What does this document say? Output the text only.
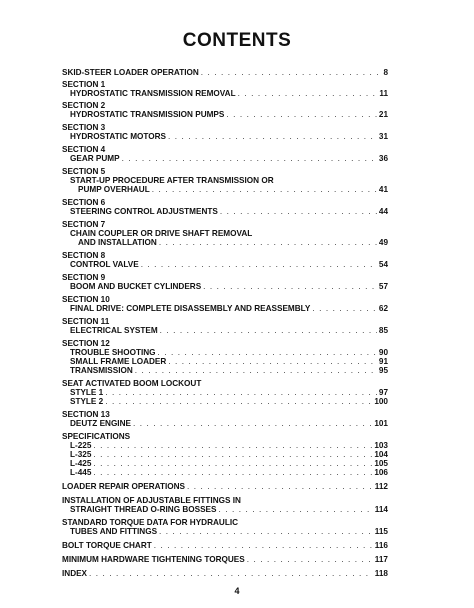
CONTENTS
SKID-STEER LOADER OPERATION . . .	8
SECTION 1
HYDROSTATIC TRANSMISSION REMOVAL . . .	11
SECTION 2
HYDROSTATIC TRANSMISSION PUMPS . . .	21
SECTION 3
HYDROSTATIC MOTORS . . .	31
SECTION 4
GEAR PUMP . . .	36
SECTION 5
START-UP PROCEDURE AFTER TRANSMISSION OR
PUMP OVERHAUL . . .	41
SECTION 6
STEERING CONTROL ADJUSTMENTS . . .	44
SECTION 7
CHAIN COUPLER OR DRIVE SHAFT REMOVAL
AND INSTALLATION . . .	49
SECTION 8
CONTROL VALVE . . .	54
SECTION 9
BOOM AND BUCKET CYLINDERS . . .	57
SECTION 10
FINAL DRIVE: COMPLETE DISASSEMBLY AND REASSEMBLY . . .	62
SECTION 11
ELECTRICAL SYSTEM . . .	85
SECTION 12
TROUBLE SHOOTING . . .	90
SMALL FRAME LOADER . . .	91
TRANSMISSION . . .	95
SEAT ACTIVATED BOOM LOCKOUT
STYLE 1 . . .	97
STYLE 2 . . .	100
SECTION 13
DEUTZ ENGINE . . .	101
SPECIFICATIONS
L-225 . . .	103
L-325 . . .	104
L-425 . . .	105
L-445 . . .	106
LOADER REPAIR OPERATIONS . . .	112
INSTALLATION OF ADJUSTABLE FITTINGS IN
STRAIGHT THREAD O-RING BOSSES . . .	114
STANDARD TORQUE DATA FOR HYDRAULIC
TUBES AND FITTINGS . . .	115
BOLT TORQUE CHART . . .	116
MINIMUM HARDWARE TIGHTENING TORQUES . . .	117
INDEX . . .	118
4
